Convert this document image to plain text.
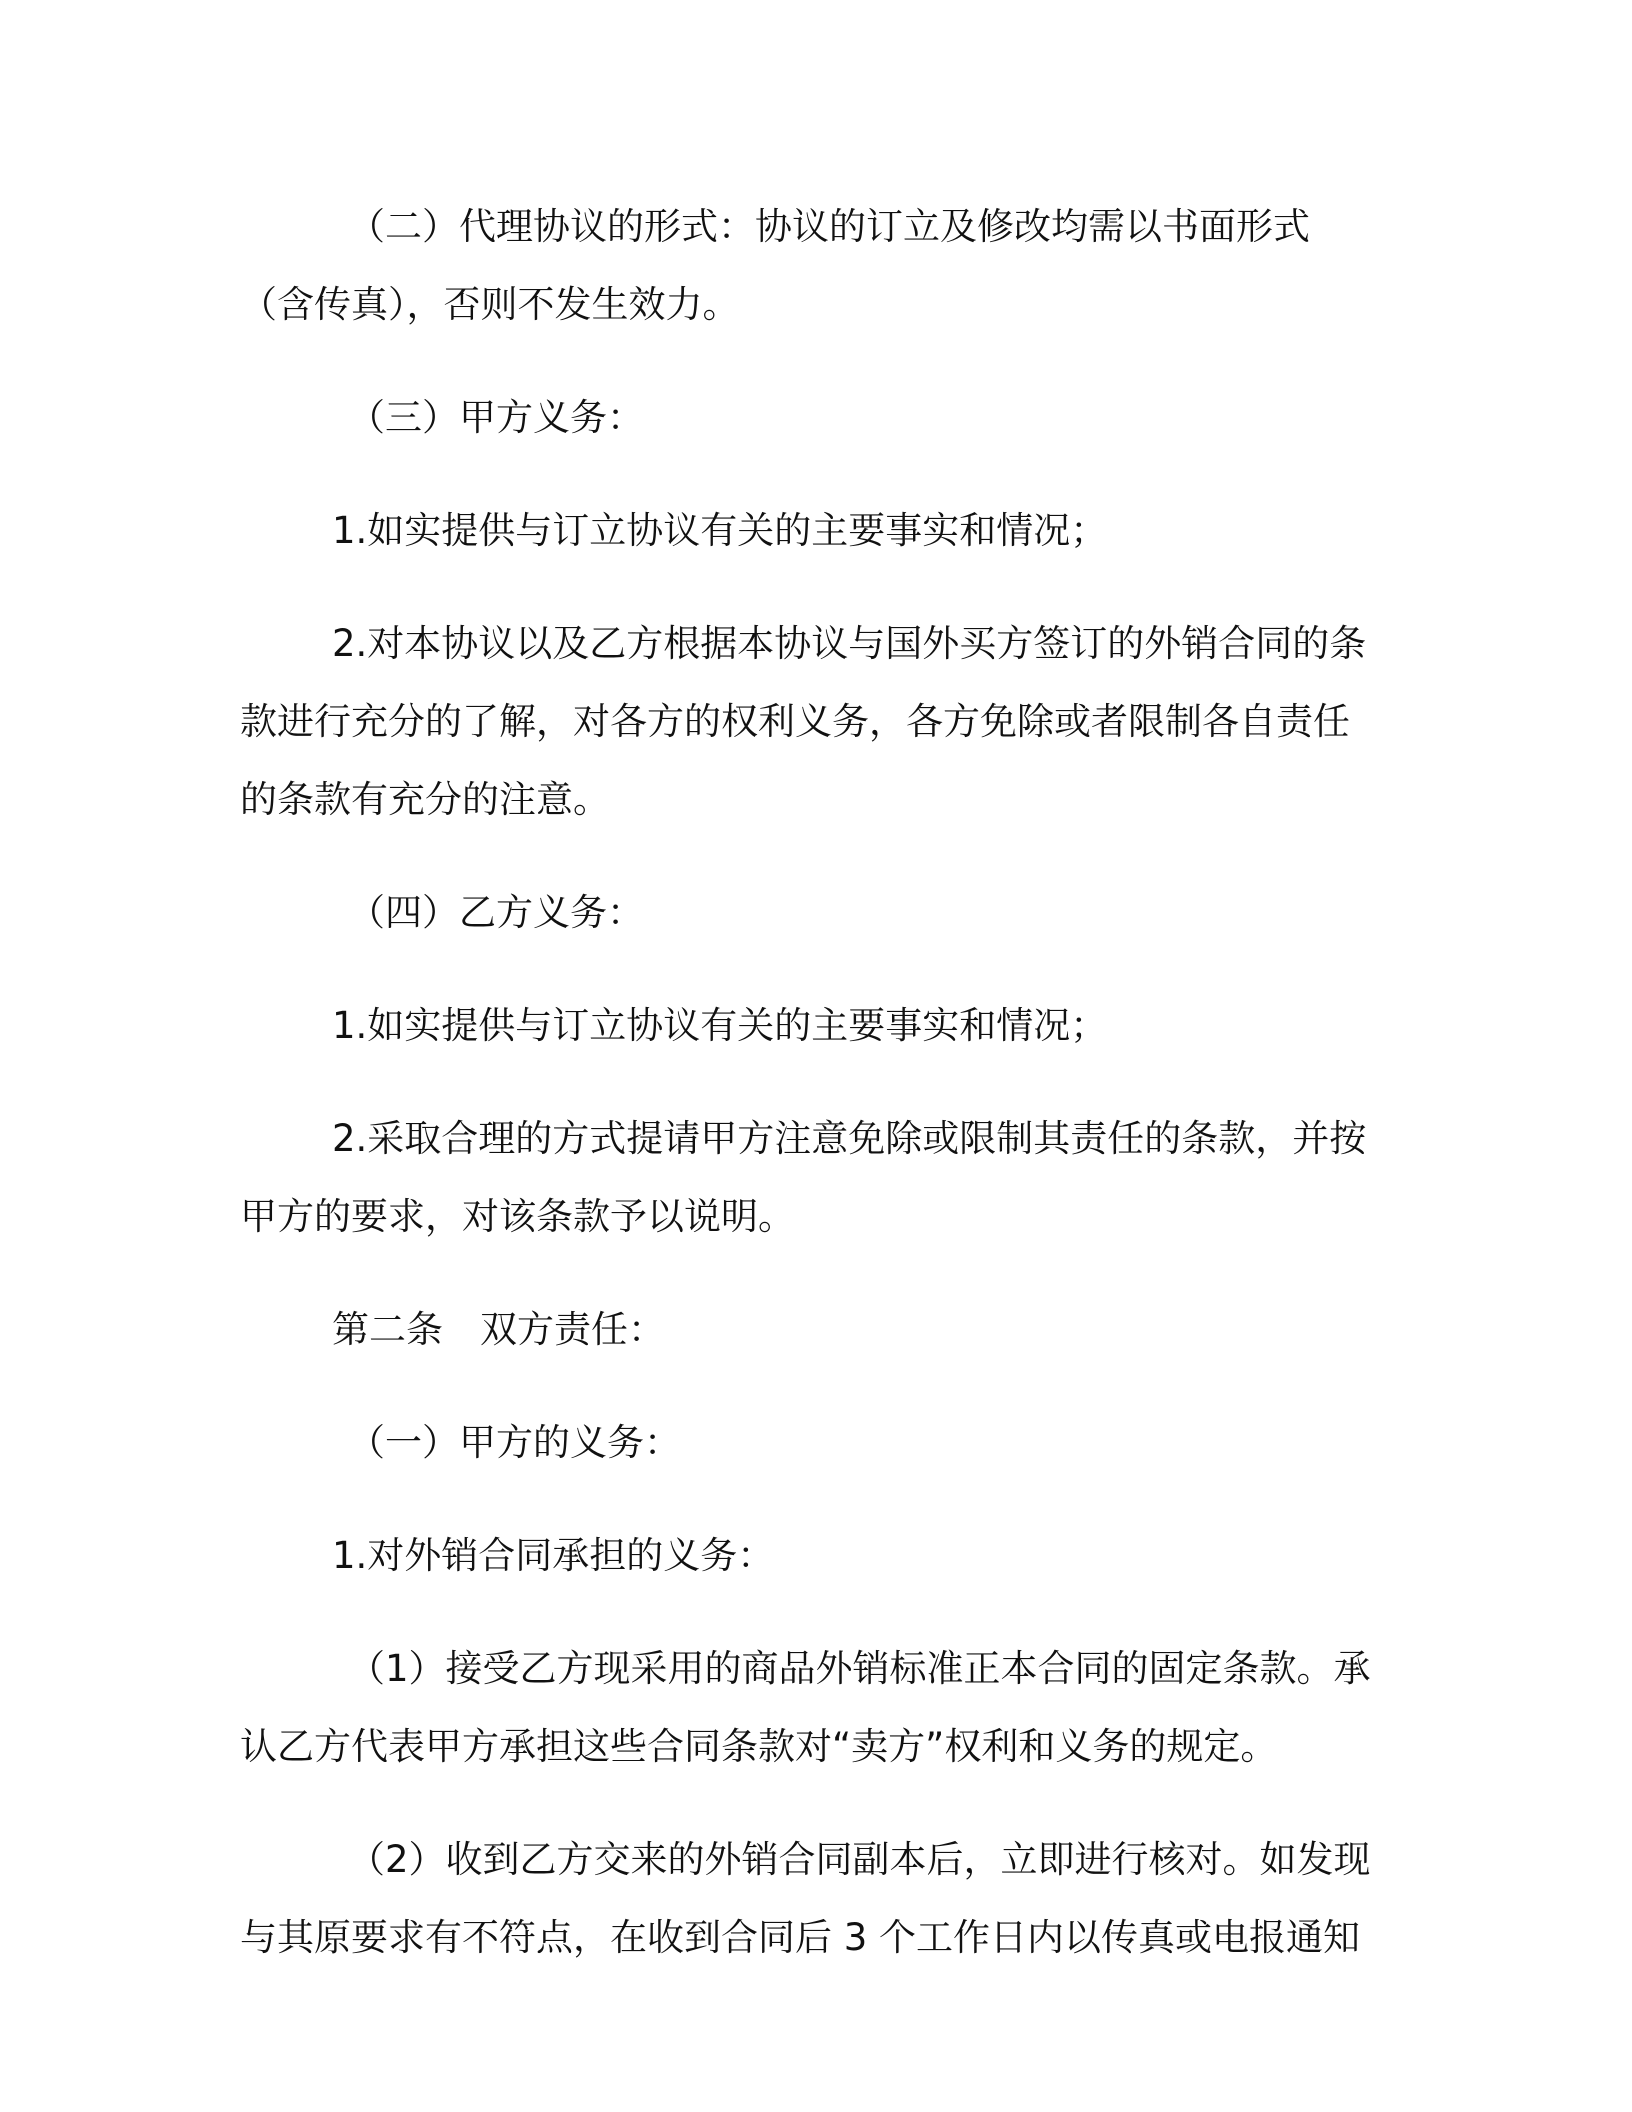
（二）代理协议的形式：协议的订立及修改均需以书面形式（含传真），否则不发生效力。

（三）甲方义务：

1.如实提供与订立协议有关的主要事实和情况；

2.对本协议以及乙方根据本协议与国外买方签订的外销合同的条款进行充分的了解，对各方的权利义务，各方免除或者限制各自责任的条款有充分的注意。

（四）乙方义务：

1.如实提供与订立协议有关的主要事实和情况；

2.采取合理的方式提请甲方注意免除或限制其责任的条款，并按甲方的要求，对该条款予以说明。

第二条　双方责任：

（一）甲方的义务：

1.对外销合同承担的义务：

（1）接受乙方现采用的商品外销标准正本合同的固定条款。承认乙方代表甲方承担这些合同条款对“卖方”权利和义务的规定。

（2）收到乙方交来的外销合同副本后，立即进行核对。如发现与其原要求有不符点，在收到合同后 3 个工作日内以传真或电报通知
